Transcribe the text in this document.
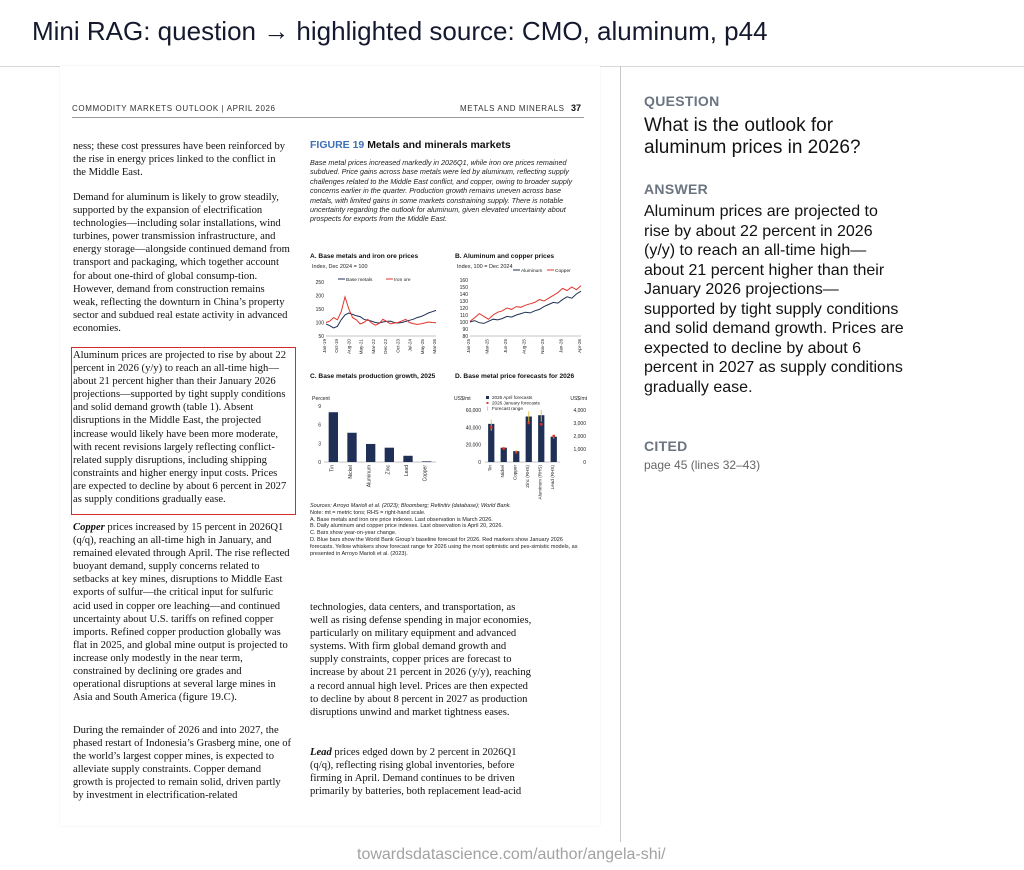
Mini RAG: question → highlighted source: CMO, aluminum, p44
COMMODITY MARKETS OUTLOOK | APRIL 2026	METALS AND MINERALS 37

ness; these cost pressures have been reinforced by the rise in energy prices linked to the conflict in the Middle East.

Demand for aluminum is likely to grow steadily, supported by the expansion of electrification technologies—including solar installations, wind turbines, power transmission infrastructure, and energy storage—alongside continued demand from transport and packaging, which together account for about one-third of global consump-tion. However, demand from construction remains weak, reflecting the downturn in China’s property sector and subdued real estate activity in advanced economies.

Aluminum prices are projected to rise by about 22 percent in 2026 (y/y) to reach an all-time high—about 21 percent higher than their January 2026 projections—supported by tight supply conditions and solid demand growth (table 1). Absent disruptions in the Middle East, the projected increase would likely have been more moderate, with recent revisions largely reflecting conflict-related supply disruptions, including shipping constraints and higher energy input costs. Prices are expected to decline by about 6 percent in 2027 as supply conditions gradually ease.

Copper prices increased by 15 percent in 2026Q1 (q/q), reaching an all-time high in January, and remained elevated through April. The rise reflected buoyant demand, supply concerns related to setbacks at key mines, disruptions to Middle East exports of sulfur—the critical input for sulfuric acid used in copper ore leaching—and continued uncertainty about U.S. tariffs on refined copper imports. Refined copper production globally was flat in 2025, and global mine output is projected to increase only modestly in the near term, constrained by declining ore grades and operational disruptions at several large mines in Asia and South America (figure 19.C).

During the remainder of 2026 and into 2027, the phased restart of Indonesia’s Grasberg mine, one of the world’s largest copper mines, is expected to alleviate supply constraints. Copper demand growth is projected to remain solid, driven partly by investment in electrification-related

technologies, data centers, and transportation, as well as rising defense spending in major economies, particularly on military equipment and advanced systems. With firm global demand growth and supply constraints, copper prices are forecast to increase by about 21 percent in 2026 (y/y), reaching a record annual high level. Prices are then expected to decline by about 8 percent in 2027 as production disruptions unwind and market tightness eases.

Lead prices edged down by 2 percent in 2026Q1 (q/q), reflecting rising global inventories, before firming in April. Demand continues to be driven primarily by batteries, both replacement lead-acid

FIGURE 19 Metals and minerals markets

Base metal prices increased markedly in 2026Q1, while iron ore prices remained subdued. Price gains across base metals were led by aluminum, reflecting supply challenges related to the Middle East conflict, and copper, owing to broader supply concerns earlier in the quarter. Production growth remains uneven across base metals, with limited gains in some markets constraining supply. There is notable uncertainty regarding the outlook for aluminum, given elevated uncertainty about prospects for exports from the Middle East.

A. Base metals and iron ore prices

Index, Dec 2024 = 100
50
100
150
200
250
Jan-19 Oct-19 Aug-20 May-21 Mar-22 Dec-22 Oct-23 Jul-24 May-25 Mar-26
Base metals	Iron ore

B. Aluminum and copper prices

Index, 100 = Dec 2024
80
90
100
110
120
130
140
150
160
Jan-25	Mar-25	Jun-25	Aug-25	Nov-25	Jan-26	Apr-26
Aluminum	Copper

C. Base metals production growth, 2025

Percent
0
3
6
9
Tin	Nickel	Aluminum	Zinc	Lead	Copper

D. Base metal price forecasts for 2026

US$/mt	US$/mt
0
20,000
40,000
60,000
0
1,000
2,000
3,000
4,000
2026 April forecasts
2026 January forecasts
Forecast range
Tin Nickel Copper Zinc (RHS) Aluminum (RHS) Lead (RHS)
Sources: Arroyo Marioli et al. (2023); Bloomberg; Refinitiv (database); World Bank.
Note: mt = metric tons; RHS = right-hand scale.
A. Base metals and iron ore price indexes. Last observation is March 2026.
B. Daily aluminum and copper price indexes. Last observation is April 20, 2026.
C. Bars show year-on-year change.
D. Blue bars show the World Bank Group’s baseline forecast for 2026. Red markers show January 2026 forecasts. Yellow whiskers show forecast range for 2026 using the most optimistic and pes-simistic models, as presented in Arroyo Marioli et al. (2023).
QUESTION

What is the outlook for aluminum prices in 2026?

ANSWER

Aluminum prices are projected to rise by about 22 percent in 2026 (y/y) to reach an all-time high—about 21 percent higher than their January 2026 projections—supported by tight supply conditions and solid demand growth. Prices are expected to decline by about 6 percent in 2027 as supply conditions gradually ease.

CITED
page 45 (lines 32–43)
towardsdatascience.com/author/angela-shi/
